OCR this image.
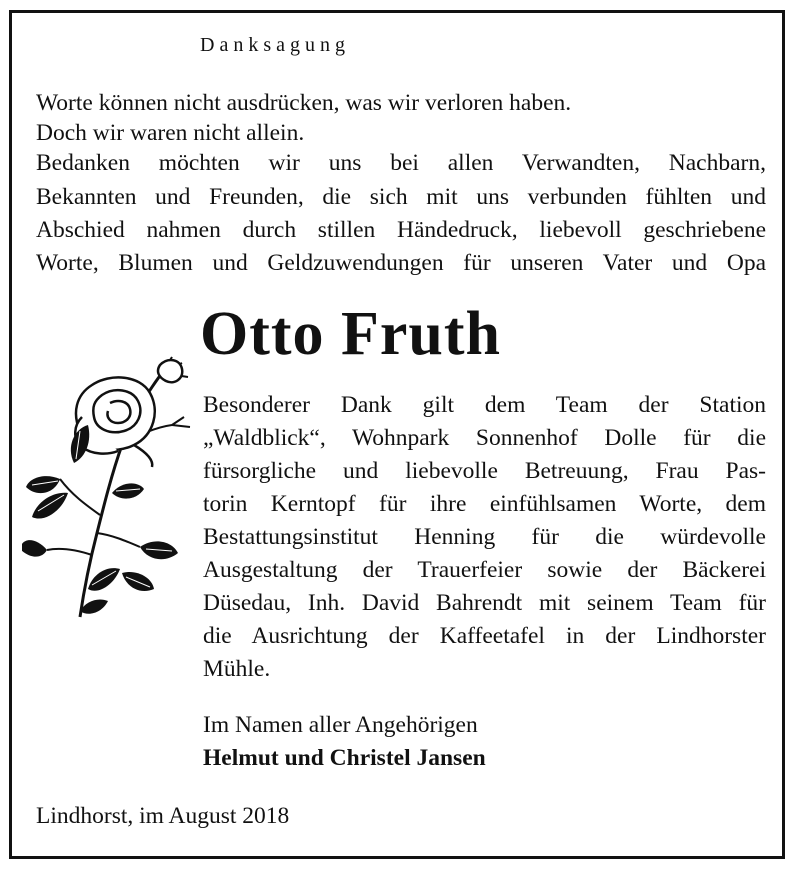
Danksagung

Worte können nicht ausdrücken, was wir verloren haben.

Doch wir waren nicht allein.

Bedanken möchten wir uns bei allen Verwandten, Nachbarn,

Bekannten und Freunden, die sich mit uns verbunden fühlten und

Abschied nahmen durch stillen Händedruck, liebevoll geschriebene

Worte, Blumen und Geldzuwendungen für unseren Vater und Opa

Otto Fruth

Besonderer Dank gilt dem Team der Station

„Waldblick“, Wohnpark Sonnenhof Dolle für die

fürsorgliche und liebevolle Betreuung, Frau Pas-

torin Kerntopf für ihre einfühlsamen Worte, dem

Bestattungsinstitut Henning für die würdevolle

Ausgestaltung der Trauerfeier sowie der Bäckerei

Düsedau, Inh. David Bahrendt mit seinem Team für

die Ausrichtung der Kaffeetafel in der Lindhorster

Mühle.

Im Namen aller Angehörigen

Helmut und Christel Jansen

Lindhorst, im August 2018
